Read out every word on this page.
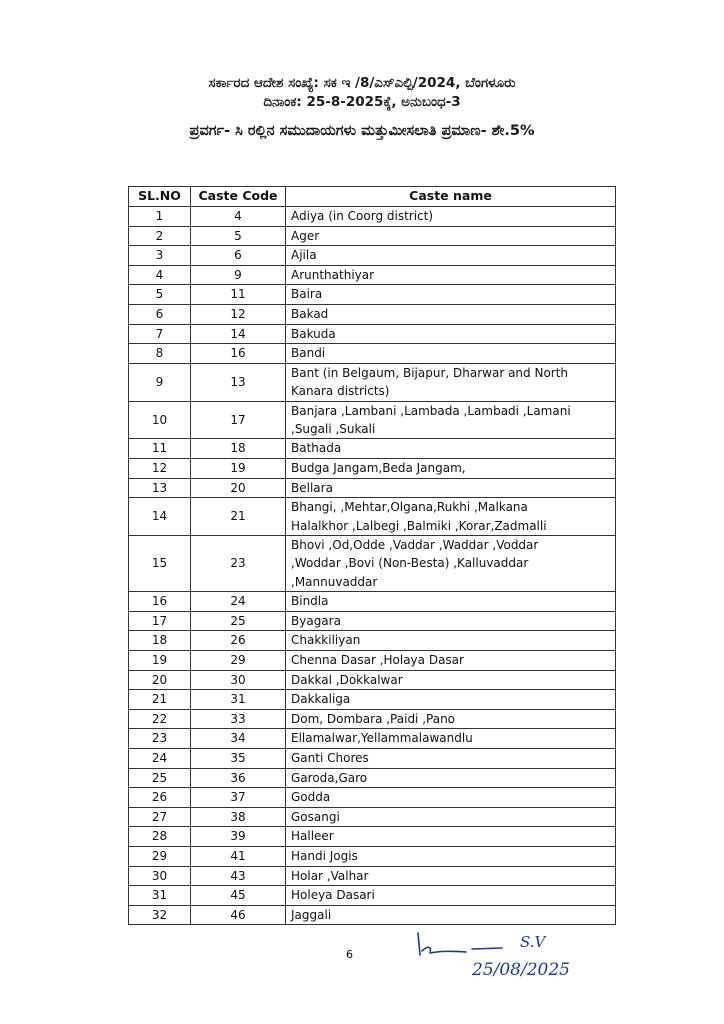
ಸರ್ಕಾರದ ಆದೇಶ ಸಂಖ್ಯೆ: ಸಕ ಇ /8/ಎಸ್ಎಲ್ಪಿ/2024, ಬೆಂಗಳೂರು
ದಿನಾಂಕ: 25-8-2025ಕ್ಕೆ, ಅನುಬಂಧ-3
ಪ್ರವರ್ಗ- ಸಿ ರಲ್ಲಿನ ಸಮುದಾಯಗಳು ಮತ್ತುಮೀಸಲಾತಿ ಪ್ರಮಾಣ- ಶೇ.5%
SL.NO	Caste Code	Caste name
1	4	Adiya (in Coorg district)

2	5	Ager

3	6	Ajila

4	9	Arunthathiyar

5	11	Baira

6	12	Bakad

7	14	Bakuda

8	16	Bandi

9	13	Bant (in Belgaum, Bijapur, Dharwar and North
Kanara districts)

10	17	Banjara ,Lambani ,Lambada ,Lambadi ,Lamani
,Sugali ,Sukali

11	18	Bathada

12	19	Budga Jangam,Beda Jangam,

13	20	Bellara

14	21	Bhangi, ,Mehtar,Olgana,Rukhi ,Malkana
Halalkhor ,Lalbegi ,Balmiki ,Korar,Zadmalli

15	23	Bhovi ,Od,Odde ,Vaddar ,Waddar ,Voddar
,Woddar ,Bovi (Non-Besta) ,Kalluvaddar
,Mannuvaddar

16	24	Bindla

17	25	Byagara

18	26	Chakkiliyan

19	29	Chenna Dasar ,Holaya Dasar

20	30	Dakkal ,Dokkalwar

21	31	Dakkaliga

22	33	Dom, Dombara ,Paidi ,Pano

23	34	Ellamalwar,Yellammalawandlu

24	35	Ganti Chores

25	36	Garoda,Garo

26	37	Godda

27	38	Gosangi

28	39	Halleer

29	41	Handi Jogis

30	43	Holar ,Valhar

31	45	Holeya Dasari

32	46	Jaggali
6
S.V
25/08/2025
